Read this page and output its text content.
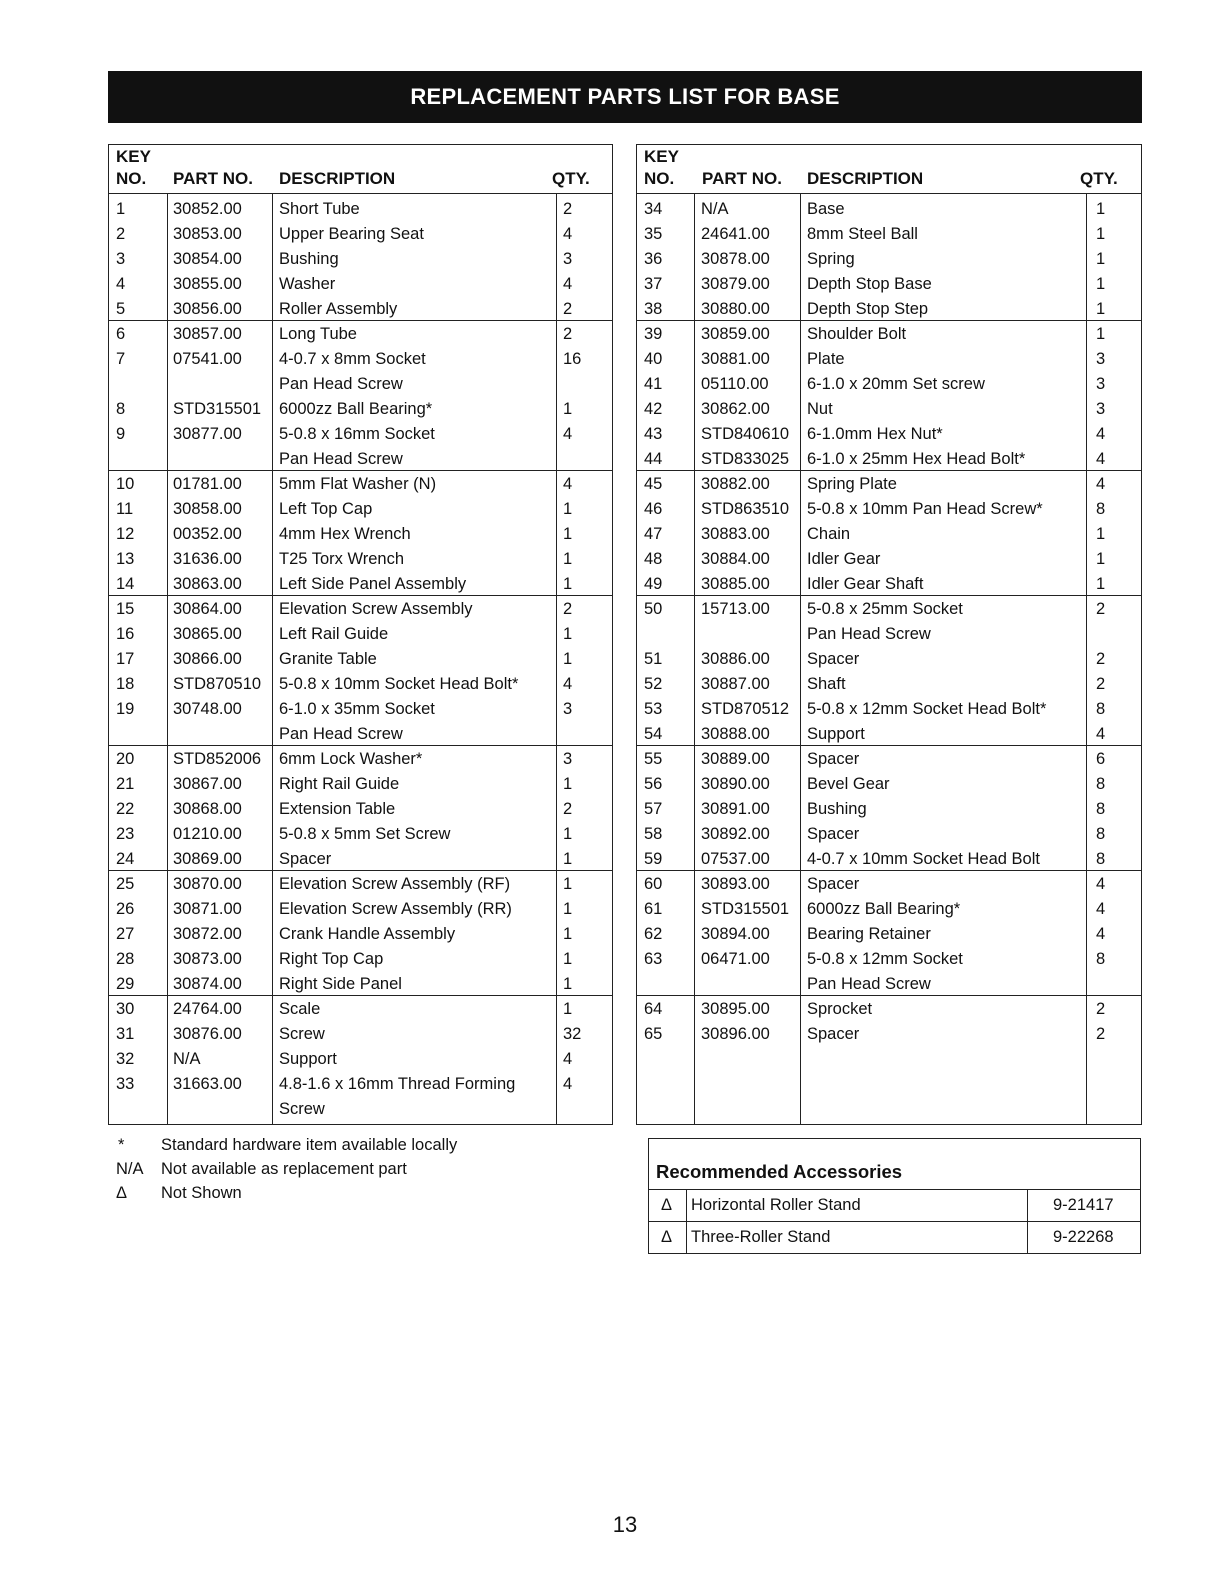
REPLACEMENT PARTS LIST FOR BASE
KEY
NO. PART NO. DESCRIPTION	QTY.
1	30852.00 Short Tube	2
2	30853.00 Upper Bearing Seat	4
3	30854.00 Bushing	3
4	30855.00 Washer	4
5	30856.00 Roller Assembly	2
6	30857.00 Long Tube	2
7	07541.00 4-0.7 x 8mm Socket	16
Pan Head Screw
8	STD315501 6000zz Ball Bearing*	1
9	30877.00 5-0.8 x 16mm Socket	4
Pan Head Screw
10 01781.00 5mm Flat Washer (N)	4
11 30858.00 Left Top Cap	1
12 00352.00 4mm Hex Wrench	1
13 31636.00 T25 Torx Wrench	1
14 30863.00 Left Side Panel Assembly	1
15 30864.00 Elevation Screw Assembly	2
16 30865.00 Left Rail Guide	1
17 30866.00 Granite Table	1
18 STD870510 5-0.8 x 10mm Socket Head Bolt*	4
19 30748.00 6-1.0 x 35mm Socket	3
Pan Head Screw
20 STD852006 6mm Lock Washer*	3
21 30867.00 Right Rail Guide	1
22 30868.00 Extension Table	2
23 01210.00 5-0.8 x 5mm Set Screw	1
24 30869.00 Spacer	1
25 30870.00 Elevation Screw Assembly (RF)	1
26 30871.00 Elevation Screw Assembly (RR)	1
27 30872.00 Crank Handle Assembly	1
28 30873.00 Right Top Cap	1
29 30874.00 Right Side Panel	1
30 24764.00 Scale	1
31 30876.00 Screw	32
32 N/A	Support	4
33 31663.00 4.8-1.6 x 16mm Thread Forming	4
Screw
KEY
NO. PART NO. DESCRIPTION	QTY.
34 N/A	Base	1
35 24641.00 8mm Steel Ball	1
36 30878.00 Spring	1
37 30879.00 Depth Stop Base	1
38 30880.00 Depth Stop Step	1
39 30859.00 Shoulder Bolt	1
40 30881.00 Plate	3
41 05110.00 6-1.0 x 20mm Set screw	3
42 30862.00 Nut	3
43 STD840610 6-1.0mm Hex Nut*	4
44 STD833025 6-1.0 x 25mm Hex Head Bolt*	4
45 30882.00 Spring Plate	4
46 STD863510 5-0.8 x 10mm Pan Head Screw*	8
47 30883.00 Chain	1
48 30884.00 Idler Gear	1
49 30885.00 Idler Gear Shaft	1
50 15713.00 5-0.8 x 25mm Socket	2
Pan Head Screw
51 30886.00 Spacer	2
52 30887.00 Shaft	2
53 STD870512 5-0.8 x 12mm Socket Head Bolt*	8
54 30888.00 Support	4
55 30889.00 Spacer	6
56 30890.00 Bevel Gear	8
57 30891.00 Bushing	8
58 30892.00 Spacer	8
59 07537.00 4-0.7 x 10mm Socket Head Bolt	8
60 30893.00 Spacer	4
61 STD315501 6000zz Ball Bearing*	4
62 30894.00 Bearing Retainer	4
63 06471.00 5-0.8 x 12mm Socket	8
Pan Head Screw
64 30895.00 Sprocket	2
65 30896.00 Spacer	2
* Standard hardware item available locally
N/A Not available as replacement part
Δ Not Shown
Recommended Accessories
Δ Horizontal Roller Stand	9-21417
Δ Three-Roller Stand	9-22268
13
